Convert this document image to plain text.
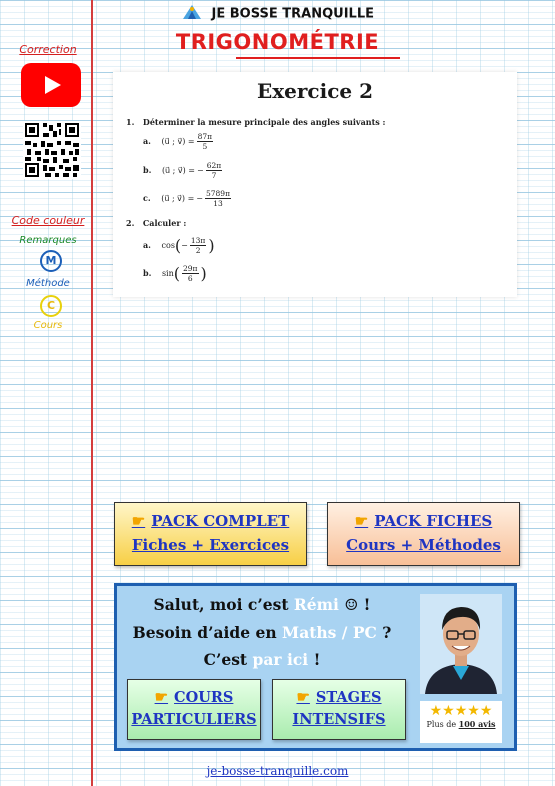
JE BOSSE TRANQUILLE
TRIGONOMÉTRIE
Correction
Code couleur
Remarques
M
Méthode
C
Cours
Exercice 2
1. Déterminer la mesure principale des angles suivants :
a. (u⃗ ; v⃗) = $\frac{87\pi}{5}$
b. (u⃗ ; v⃗) = − $\frac{62\pi}{7}$
c. (u⃗ ; v⃗) = − $\frac{5789\pi}{13}$
2. Calculer :
a. cos ( − $\frac{13\pi}{2}$ )
b. sin ( $\frac{29\pi}{6}$ )
☛ PACK COMPLET
Fiches + Exercices
☛ PACK FICHES
Cours + Méthodes
Salut, moi c’est Rémi ☺ !
Besoin d’aide en Maths / PC ?
C’est par ici !
☛ COURS
PARTICULIERS
☛ STAGES
INTENSIFS	★★★★★
Plus de 100 avis
je-bosse-tranquille.com
